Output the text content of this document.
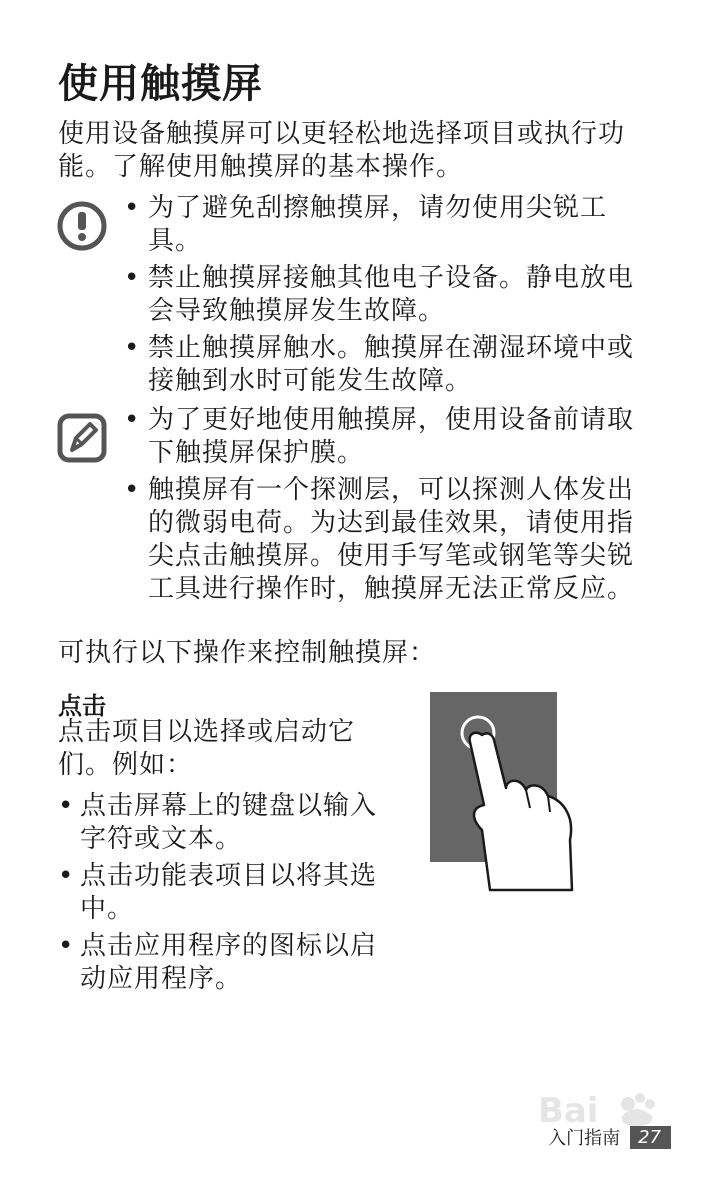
使用触摸屏
使用设备触摸屏可以更轻松地选择项目或执行功能。了解使用触摸屏的基本操作。
• 为了避免刮擦触摸屏，请勿使用尖锐工具。
• 禁止触摸屏接触其他电子设备。静电放电会导致触摸屏发生故障。
• 禁止触摸屏触水。触摸屏在潮湿环境中或接触到水时可能发生故障。
• 为了更好地使用触摸屏，使用设备前请取下触摸屏保护膜。
• 触摸屏有一个探测层，可以探测人体发出的微弱电荷。为达到最佳效果，请使用指尖点击触摸屏。使用手写笔或钢笔等尖锐工具进行操作时，触摸屏无法正常反应。
可执行以下操作来控制触摸屏：
点击
点击项目以选择或启动它们。例如：
• 点击屏幕上的键盘以输入字符或文本。
• 点击功能表项目以将其选中。
• 点击应用程序的图标以启动应用程序。
Bai
入门指南	27
